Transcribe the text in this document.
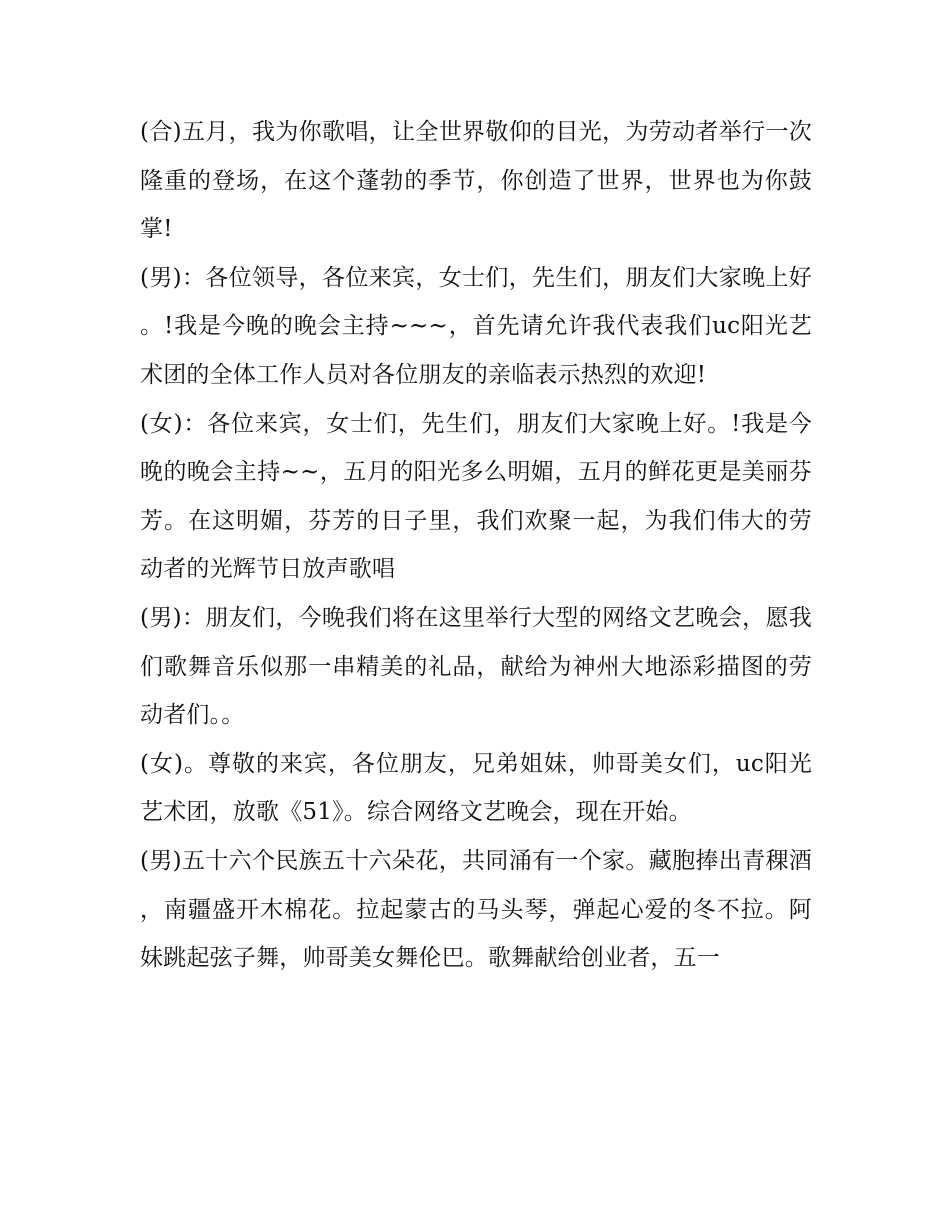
(合)五月，我为你歌唱，让全世界敬仰的目光，为劳动者举行一次隆重的登场，在这个蓬勃的季节，你创造了世界，世界也为你鼓掌!

(男)：各位领导，各位来宾，女士们，先生们，朋友们大家晚上好。!我是今晚的晚会主持~~~，首先请允许我代表我们uc阳光艺术团的全体工作人员对各位朋友的亲临表示热烈的欢迎!

(女)：各位来宾，女士们，先生们，朋友们大家晚上好。!我是今晚的晚会主持~~，五月的阳光多么明媚，五月的鲜花更是美丽芬芳。在这明媚，芬芳的日子里，我们欢聚一起，为我们伟大的劳动者的光辉节日放声歌唱

(男)：朋友们，今晚我们将在这里举行大型的网络文艺晚会，愿我们歌舞音乐似那一串精美的礼品，献给为神州大地添彩描图的劳动者们。。

(女)。尊敬的来宾，各位朋友，兄弟姐妹，帅哥美女们，uc阳光艺术团，放歌《51》。综合网络文艺晚会，现在开始。

(男)五十六个民族五十六朵花，共同涌有一个家。藏胞捧出青稞酒，南疆盛开木棉花。拉起蒙古的马头琴，弹起心爱的冬不拉。阿妹跳起弦子舞，帅哥美女舞伦巴。歌舞献给创业者，五一
